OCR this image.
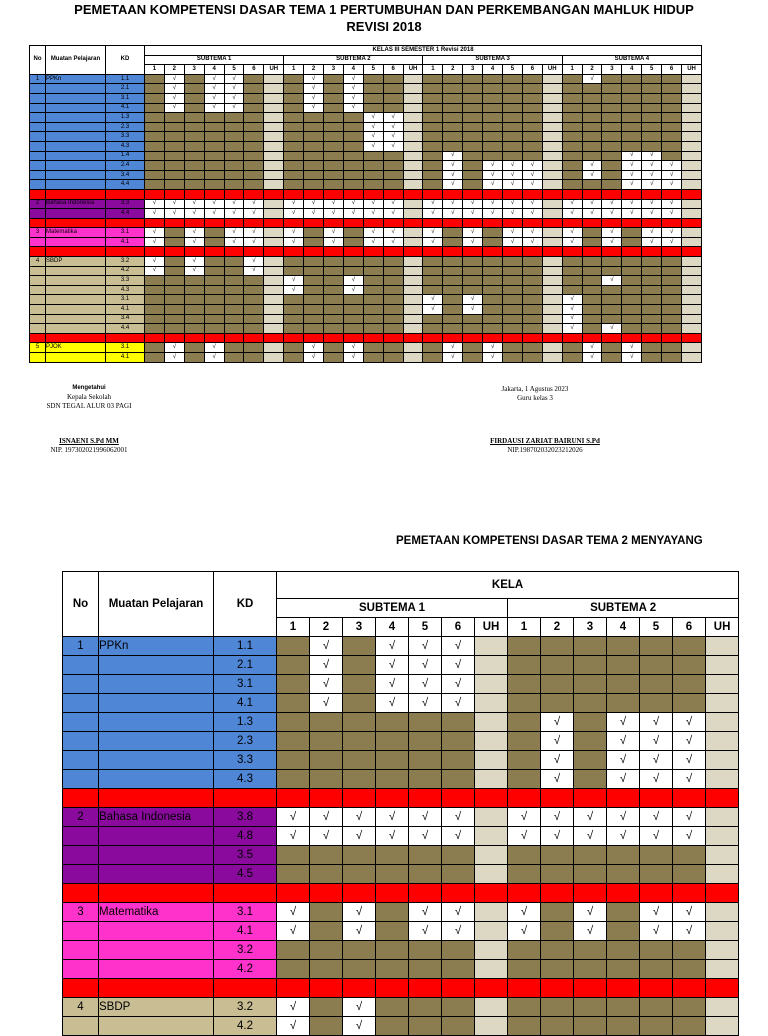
PEMETAAN KOMPETENSI DASAR TEMA 1 PERTUMBUHAN DAN PERKEMBANGAN MAHLUK HIDUP
REVISI 2018
No	Muatan Pelajaran	KD	KELAS III SEMESTER 1 Revisi 2018																											
			SUBTEMA 1							SUBTEMA 2							SUBTEMA 3							SUBTEMA 4						
			1	2	3	4	5	6	UH	1	2	3	4	5	6	UH	1	2	3	4	5	6	UH	1	2	3	4	5	6	UH
1	PPKn	1.1		√		√	√				√		√												√					
		2.1		√		√	√				√		√																	
		3.1		√		√	√				√		√																	
		4.1		√		√	√				√		√																	
		1.3												√	√															
		2.3												√	√															
		3.3												√	√															
		4.3												√	√															
		1.4																√									√	√		
		2.4																√		√	√	√			√		√	√	√	
		3.4																√		√	√	√			√		√	√	√	
		4.4																√		√	√	√					√	√	√	

2	Bahasa Indonesia	3.3	√	√	√	√	√	√		√	√	√	√	√	√		√	√	√	√	√	√		√	√	√	√	√	√	
		4.4	√	√	√	√	√	√		√	√	√	√	√	√		√	√	√	√	√	√		√	√	√	√	√	√	

3	Matematika	3.1	√		√		√	√		√		√		√	√		√		√		√	√		√		√		√	√	
		4.1	√		√		√	√		√		√		√	√		√		√		√	√		√		√		√	√	

4	SBDP	3.2	√		√			√																						
		4.2	√		√			√																						
		3.3								√			√													√				
		4.3								√			√																	
		3.1															√		√					√						
		4.1															√		√					√						
		3.4																						√						
		4.4																						√		√				

5	PJOK	3.1		√		√					√		√					√		√					√		√			
		4.1		√		√					√		√					√		√					√		√			
Mengetahui
Kepala Sekolah
SDN TEGAL ALUR 03 PAGI
ISNAENI S.Pd MM
NIP. 197302021996062001
Jakarta, 1 Agustus 2023
Guru kelas 3
FIRDAUSI ZARIAT BAIRUNI S.Pd
NIP.198702032023212026
PEMETAAN KOMPETENSI DASAR TEMA 2 MENYAYANG
No	Muatan Pelajaran	KD	KELA													
			SUBTEMA 1							SUBTEMA 2						
			1	2	3	4	5	6	UH	1	2	3	4	5	6	UH
1	PPKn	1.1		√		√	√	√								
		2.1		√		√	√	√								
		3.1		√		√	√	√								
		4.1		√		√	√	√								
		1.3									√		√	√	√	
		2.3									√		√	√	√	
		3.3									√		√	√	√	
		4.3									√		√	√	√	

2	Bahasa Indonesia	3.8	√	√	√	√	√	√		√	√	√	√	√	√	
		4.8	√	√	√	√	√	√		√	√	√	√	√	√	
		3.5														
		4.5														

3	Matematika	3.1	√		√		√	√		√		√		√	√	
		4.1	√		√		√	√		√		√		√	√	
		3.2														
		4.2														

4	SBDP	3.2	√		√											
		4.2	√		√											
